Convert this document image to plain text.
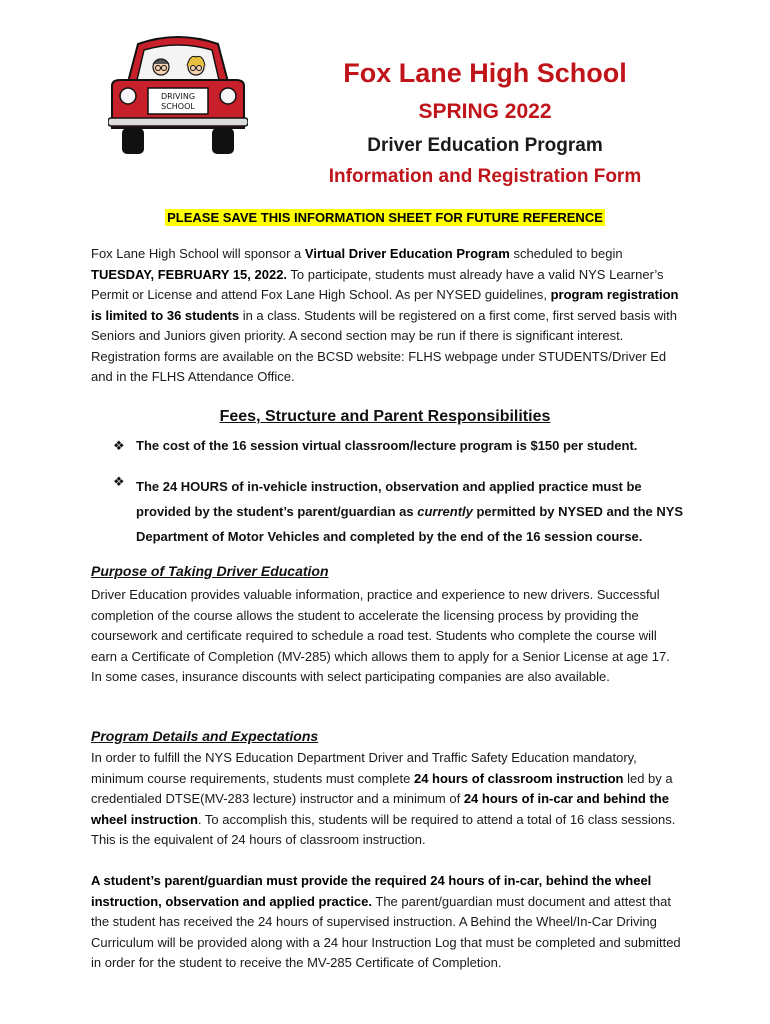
DRIVING
SCHOOL
Fox Lane High School
SPRING 2022
Driver Education Program
Information and Registration Form
PLEASE SAVE THIS INFORMATION SHEET FOR FUTURE REFERENCE
Fox Lane High School will sponsor a Virtual Driver Education Program scheduled to begin TUESDAY, FEBRUARY 15, 2022. To participate, students must already have a valid NYS Learner’s Permit or License and attend Fox Lane High School. As per NYSED guidelines, program registration is limited to 36 students in a class. Students will be registered on a first come, first served basis with Seniors and Juniors given priority. A second section may be run if there is significant interest. Registration forms are available on the BCSD website: FLHS webpage under STUDENTS/Driver Ed and in the FLHS Attendance Office.
Fees, Structure and Parent Responsibilities
❖ The cost of the 16 session virtual classroom/lecture program is $150 per student.
❖ The 24 HOURS of in-vehicle instruction, observation and applied practice must be provided by the student’s parent/guardian as currently permitted by NYSED and the NYS Department of Motor Vehicles and completed by the end of the 16 session course.
Purpose of Taking Driver Education
Driver Education provides valuable information, practice and experience to new drivers. Successful completion of the course allows the student to accelerate the licensing process by providing the coursework and certificate required to schedule a road test. Students who complete the course will earn a Certificate of Completion (MV-285) which allows them to apply for a Senior License at age 17. In some cases, insurance discounts with select participating companies are also available.
Program Details and Expectations
In order to fulfill the NYS Education Department Driver and Traffic Safety Education mandatory, minimum course requirements, students must complete 24 hours of classroom instruction led by a credentialed DTSE(MV-283 lecture) instructor and a minimum of 24 hours of in-car and behind the wheel instruction. To accomplish this, students will be required to attend a total of 16 class sessions. This is the equivalent of 24 hours of classroom instruction.
A student’s parent/guardian must provide the required 24 hours of in-car, behind the wheel instruction, observation and applied practice. The parent/guardian must document and attest that the student has received the 24 hours of supervised instruction. A Behind the Wheel/In-Car Driving Curriculum will be provided along with a 24 hour Instruction Log that must be completed and submitted in order for the student to receive the MV-285 Certificate of Completion.
